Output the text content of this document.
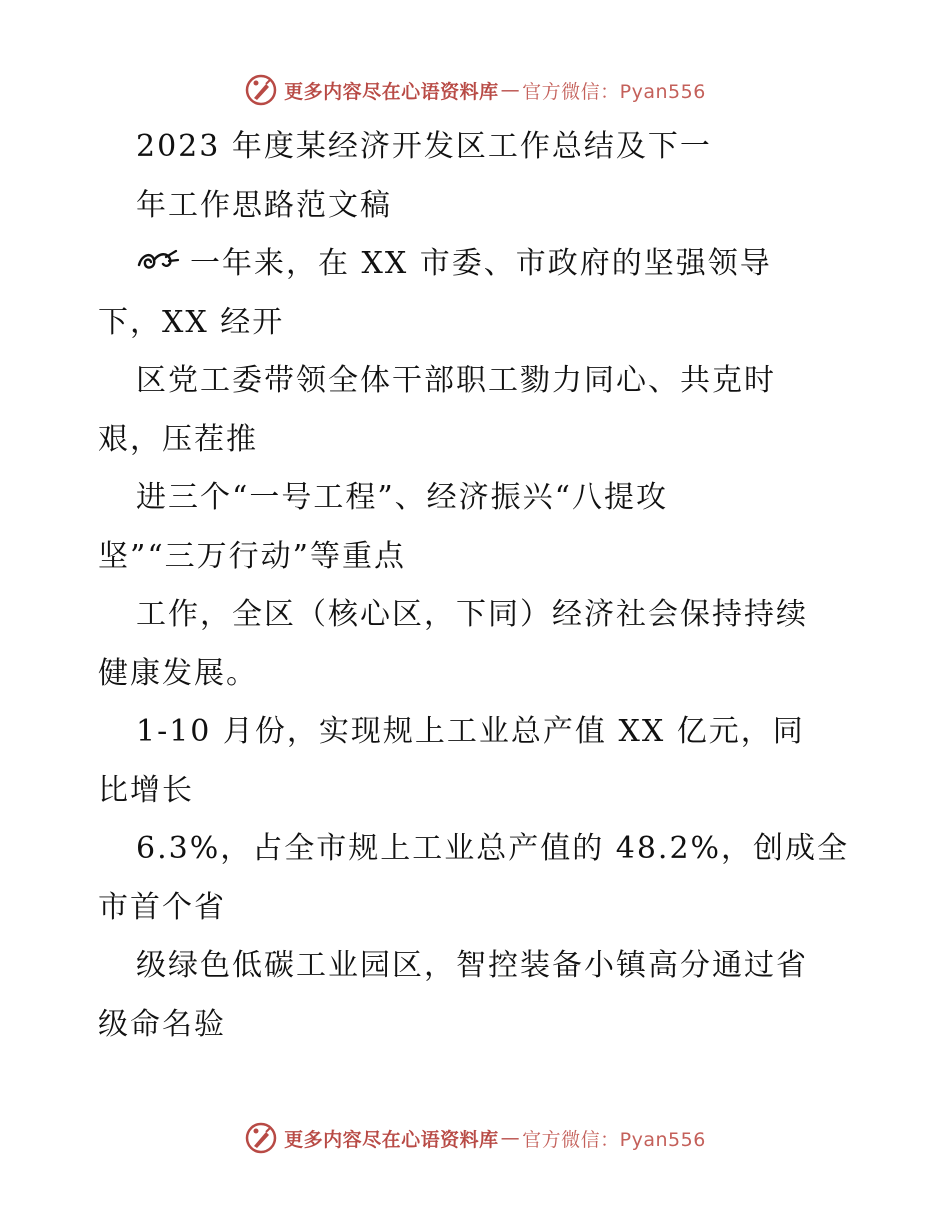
更多内容尽在心语资料库 — 官方微信：Pyan556
2023 年度某经济开发区工作总结及下一
年工作思路范文稿
一年来，在 XX 市委、市政府的坚强领导
下，XX 经开
区党工委带领全体干部职工勠力同心、共克时
艰，压茬推
进三个“一号工程”、经济振兴“八提攻
坚”“三万行动”等重点
工作，全区（核心区，下同）经济社会保持持续
健康发展。
1-10 月份，实现规上工业总产值 XX 亿元，同
比增长
6.3%，占全市规上工业总产值的 48.2%，创成全
市首个省
级绿色低碳工业园区，智控装备小镇高分通过省
级命名验
更多内容尽在心语资料库 — 官方微信：Pyan556
